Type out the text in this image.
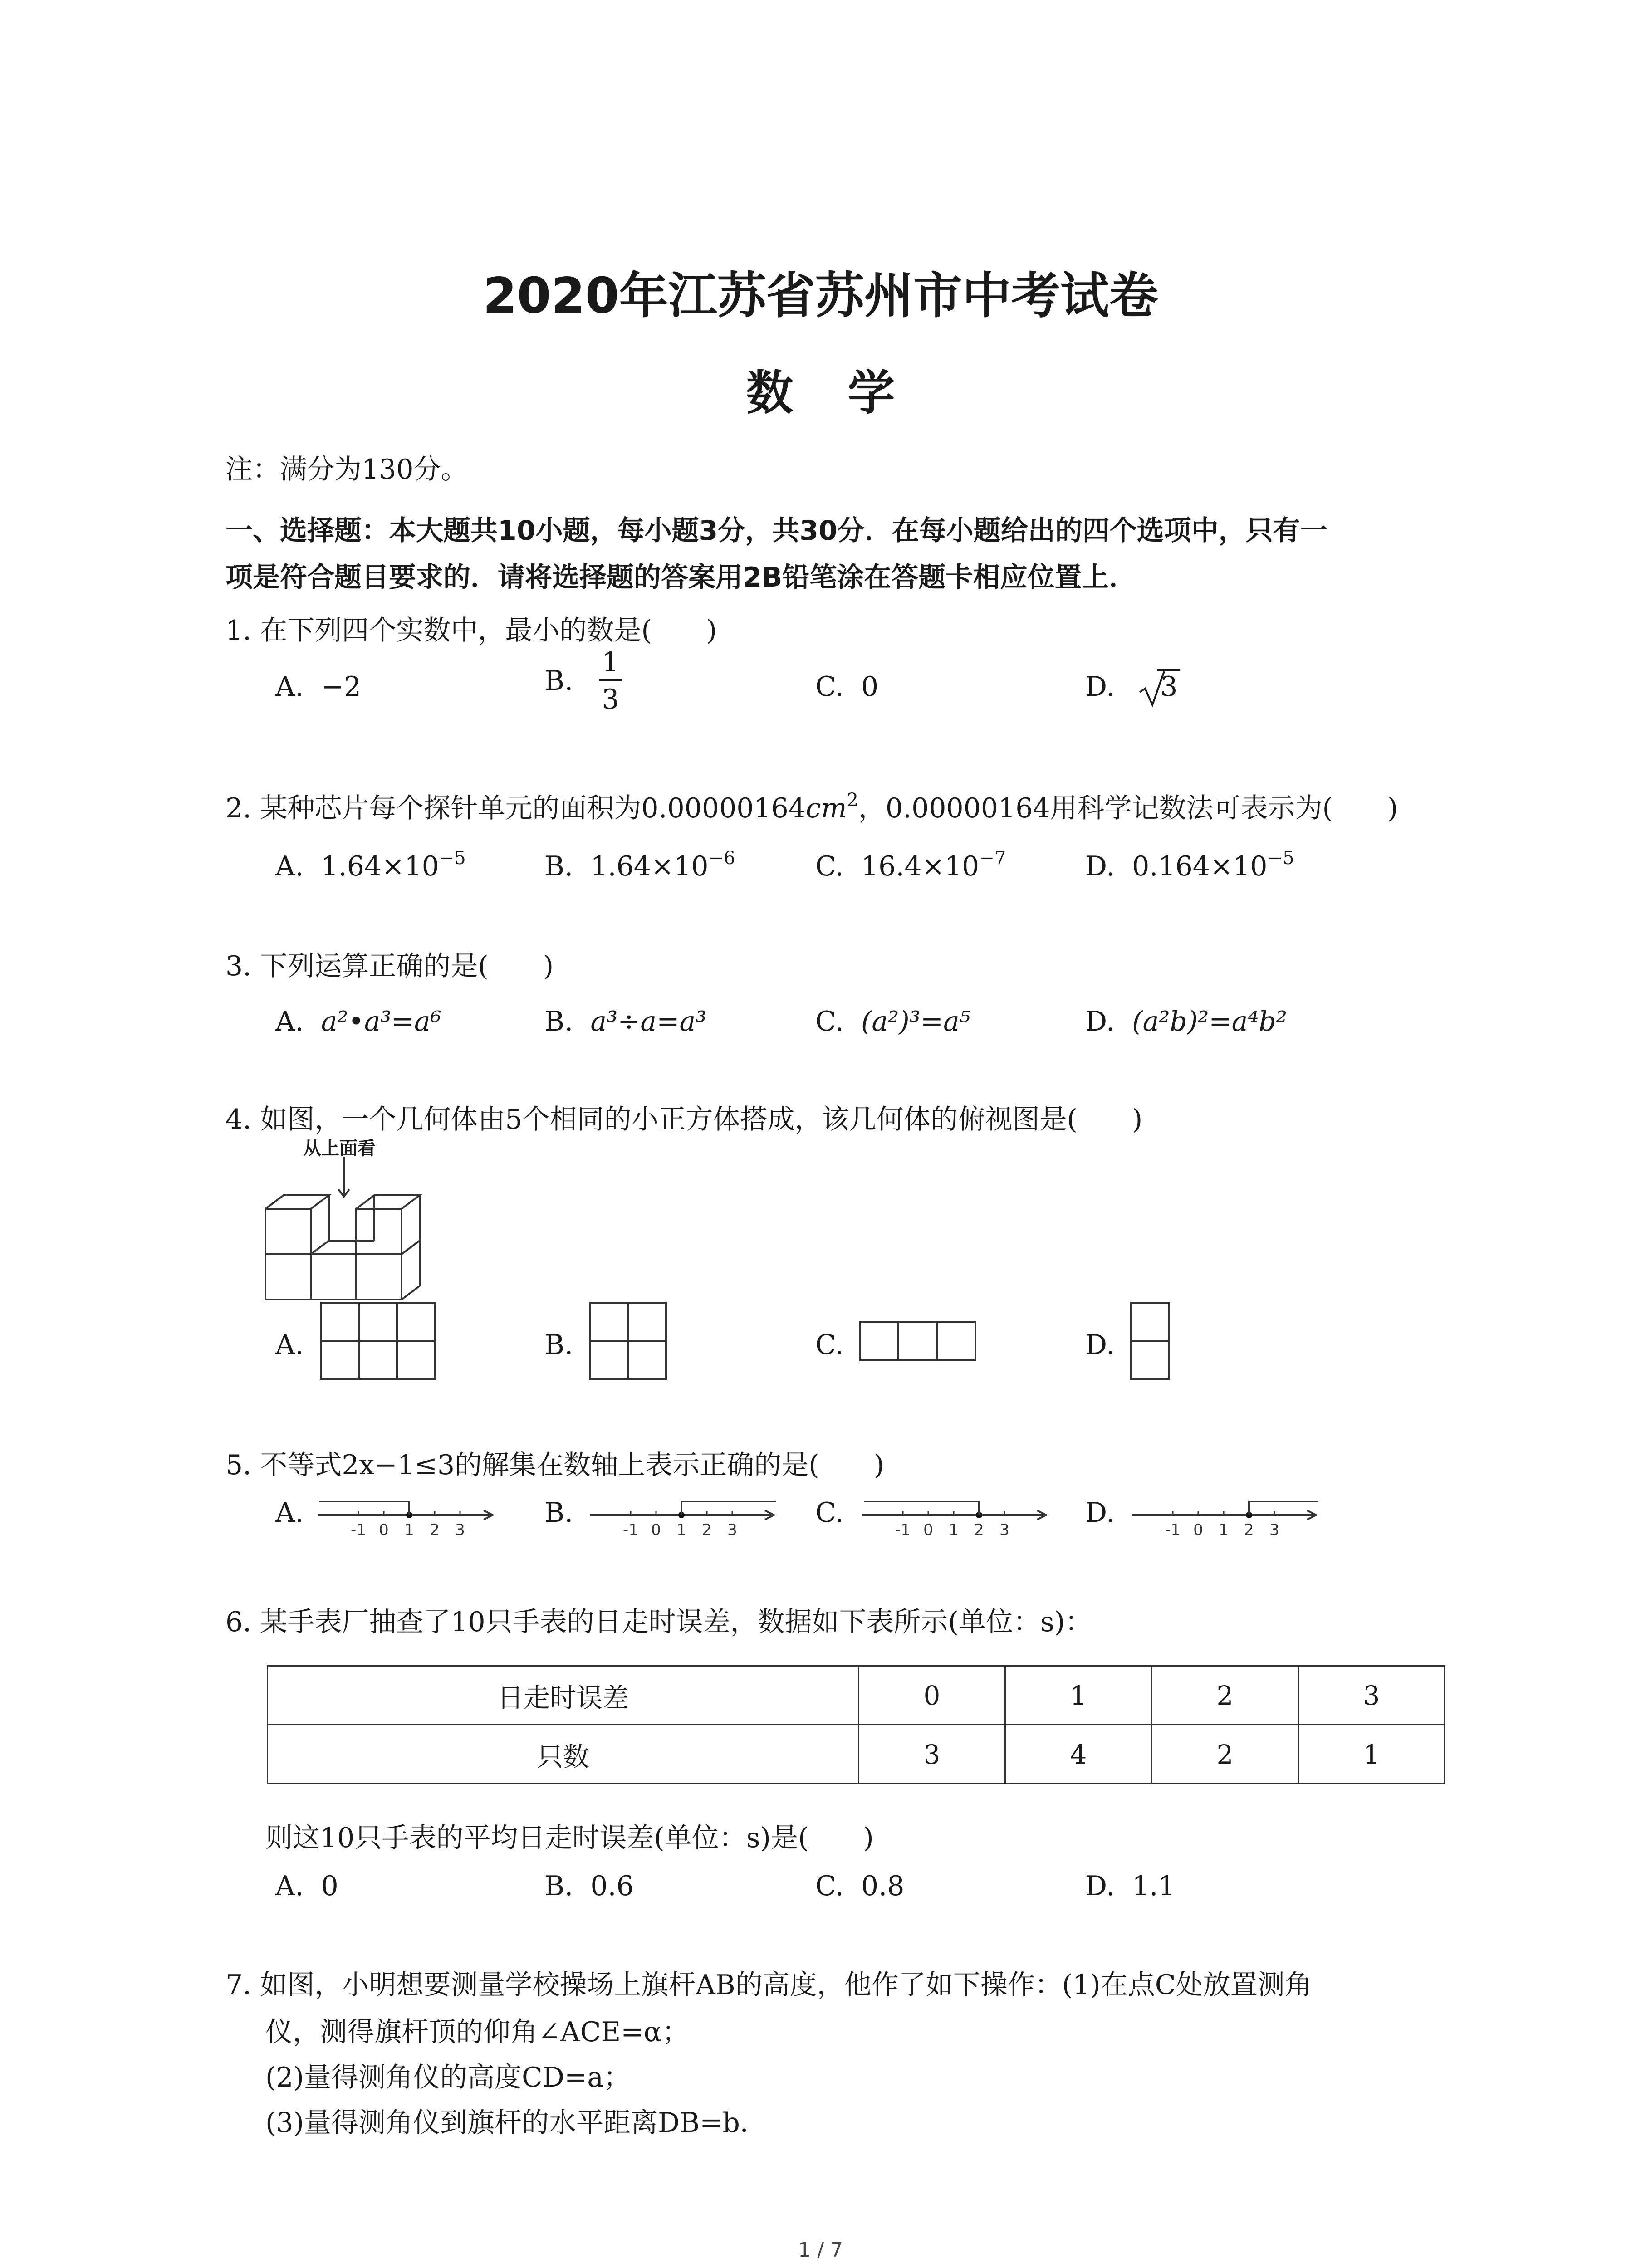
2020年江苏省苏州市中考试卷
数 学
注：满分为130分。
一、选择题：本大题共10小题，每小题3分，共30分．在每小题给出的四个选项中，只有一
项是符合题目要求的．请将选择题的答案用2B铅笔涂在答题卡相应位置上．
1. 在下列四个实数中，最小的数是(　　)
A. −2	B. $\frac{1}{3}$	C. 0	D. 3
2. 某种芯片每个探针单元的面积为$0.00000164cm^2$，0.00000164用科学记数法可表示为(　　)
A. $1.64\times 10^{-5}$	B. $1.64\times 10^{-6}$	C. $16.4\times 10^{-7}$	D. $0.164\times 10^{-5}$
3. 下列运算正确的是(　　)
A. a²•a³=a⁶	B. a³÷a=a³	C. (a²)³=a⁵	D. (a²b)²=a⁴b²
4. 如图，一个几何体由5个相同的小正方体搭成，该几何体的俯视图是(　　)
从上面看
A.	B.	C.	D.
5. 不等式2x−1≤3的解集在数轴上表示正确的是(　　)
A.	B.	C.	D.
-1 0 1 2 3	-1 0 1 2 3	-1 0 1 2 3	-1 0 1 2 3
6. 某手表厂抽查了10只手表的日走时误差，数据如下表所示(单位：s)：
日走时误差	0	1	2	3
只数	3	4	2	1
则这10只手表的平均日走时误差(单位：s)是(　　)
A. 0	B. 0.6	C. 0.8	D. 1.1
7. 如图，小明想要测量学校操场上旗杆AB的高度，他作了如下操作：(1)在点C处放置测角
仪，测得旗杆顶的仰角∠ACE=α；
(2)量得测角仪的高度CD=a；
(3)量得测角仪到旗杆的水平距离DB=b．
1 / 7
